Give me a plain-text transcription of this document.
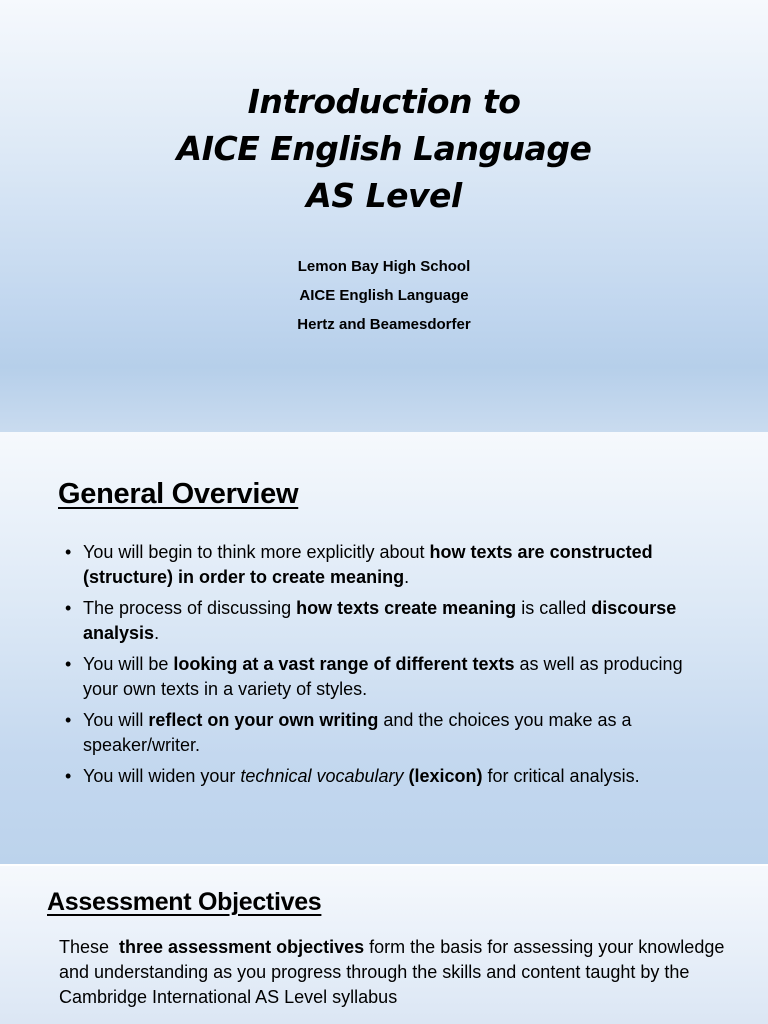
Introduction to
AICE English Language
AS Level
Lemon Bay High School
AICE English Language
Hertz and Beamesdorfer
General Overview
• You will begin to think more explicitly about how texts are constructed (structure) in order to create meaning.
• The process of discussing how texts create meaning is called discourse analysis.
• You will be looking at a vast range of different texts as well as producing your own texts in a variety of styles.
• You will reflect on your own writing and the choices you make as a speaker/writer.
• You will widen your technical vocabulary (lexicon) for critical analysis.
Assessment Objectives

These  three assessment objectives form the basis for assessing your knowledge and understanding as you progress through the skills and content taught by the Cambridge International AS Level syllabus
